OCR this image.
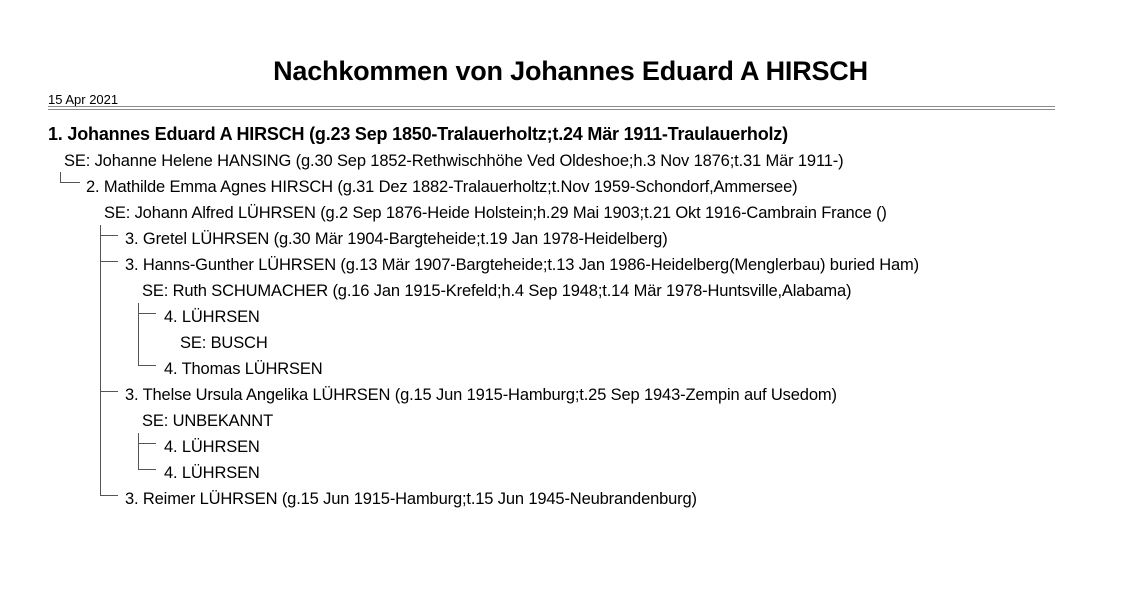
Nachkommen von Johannes Eduard A HIRSCH
15 Apr 2021
1. Johannes Eduard A HIRSCH (g.23 Sep 1850-Tralauerholtz;t.24 Mär 1911-Traulauerholz)
SE: Johanne Helene HANSING (g.30 Sep 1852-Rethwischhöhe Ved Oldeshoe;h.3 Nov 1876;t.31 Mär 1911-)
2. Mathilde Emma Agnes HIRSCH (g.31 Dez 1882-Tralauerholtz;t.Nov 1959-Schondorf,Ammersee)
SE: Johann Alfred LÜHRSEN (g.2 Sep 1876-Heide Holstein;h.29 Mai 1903;t.21 Okt 1916-Cambrain France ()
3. Gretel LÜHRSEN (g.30 Mär 1904-Bargteheide;t.19 Jan 1978-Heidelberg)
3. Hanns-Gunther LÜHRSEN (g.13 Mär 1907-Bargteheide;t.13 Jan 1986-Heidelberg(Menglerbau) buried Ham)
SE: Ruth SCHUMACHER (g.16 Jan 1915-Krefeld;h.4 Sep 1948;t.14 Mär 1978-Huntsville,Alabama)
4. LÜHRSEN
SE: BUSCH
4. Thomas LÜHRSEN
3. Thelse Ursula Angelika LÜHRSEN (g.15 Jun 1915-Hamburg;t.25 Sep 1943-Zempin auf Usedom)
SE: UNBEKANNT
4. LÜHRSEN
4. LÜHRSEN
3. Reimer LÜHRSEN (g.15 Jun 1915-Hamburg;t.15 Jun 1945-Neubrandenburg)
